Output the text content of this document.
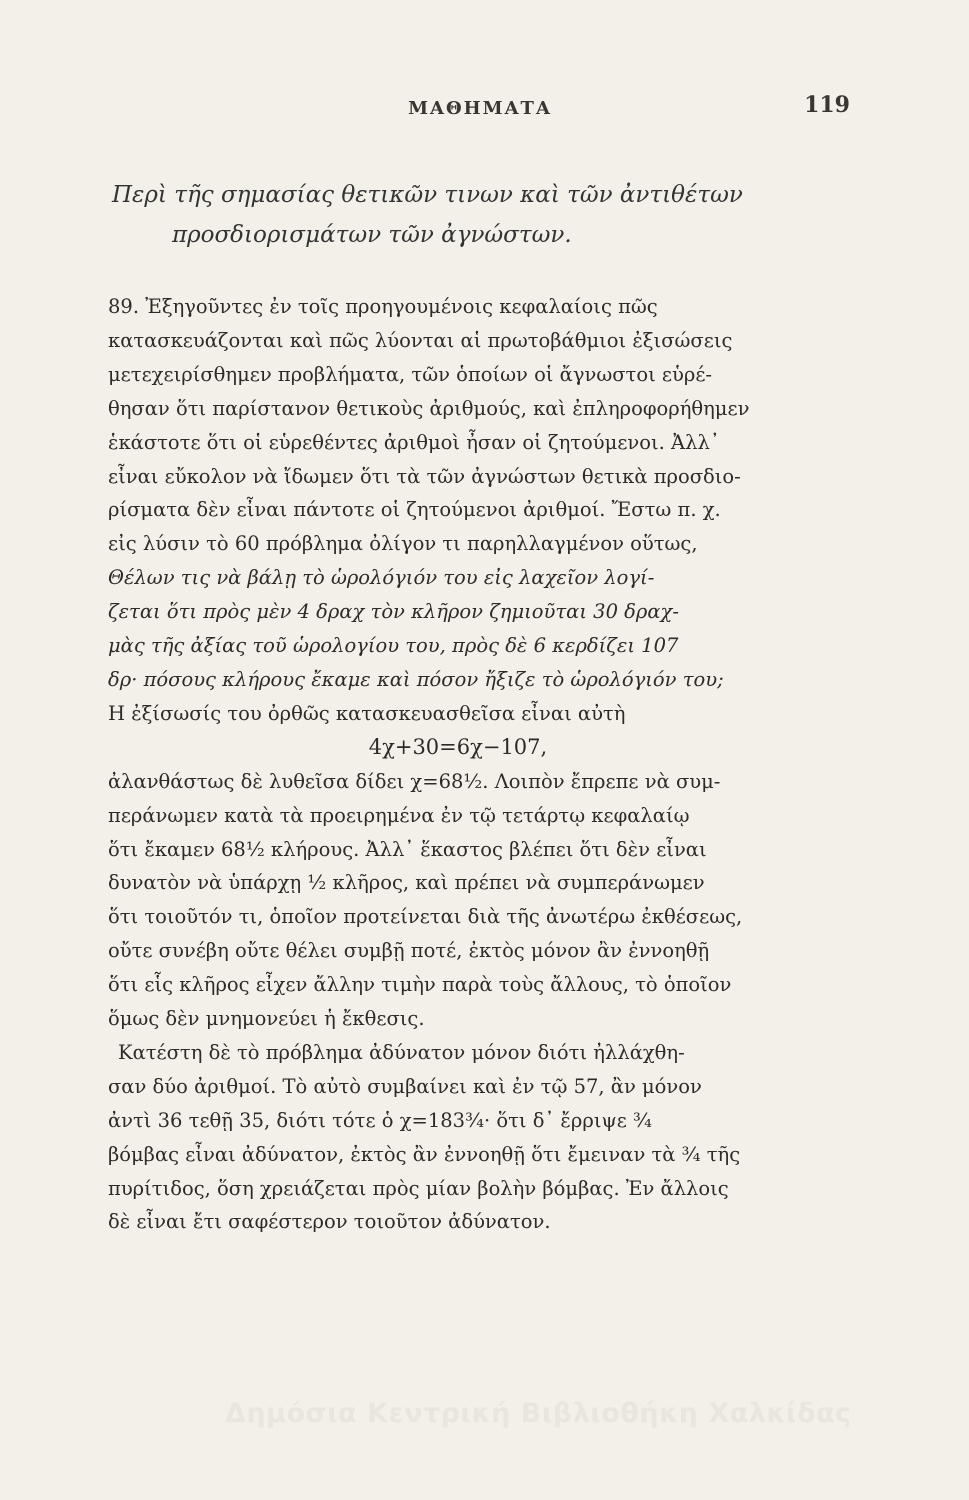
ΜΑΘΗΜΑΤΑ	119
Περὶ τῆς σημασίας θετικῶν τινων καὶ τῶν ἀντιθέτων
προσδιορισμάτων τῶν ἀγνώστων.
89. Ἐξηγοῦντες ἐν τοῖς προηγουμένοις κεφαλαίοις πῶς
κατασκευάζονται καὶ πῶς λύονται αἱ πρωτοβάθμιοι ἐξισώσεις
μετεχειρίσθημεν προβλήματα, τῶν ὁποίων οἱ ἄγνωστοι εὑρέ-
θησαν ὅτι παρίστανον θετικοὺς ἀριθμούς, καὶ ἐπληροφορήθημεν
ἑκάστοτε ὅτι οἱ εὑρεθέντες ἀριθμοὶ ἦσαν οἱ ζητούμενοι. Ἀλλ᾽
εἶναι εὔκολον νὰ ἴδωμεν ὅτι τὰ τῶν ἀγνώστων θετικὰ προσδιο-
ρίσματα δὲν εἶναι πάντοτε οἱ ζητούμενοι ἀριθμοί. Ἔστω π. χ.
εἰς λύσιν τὸ 60 πρόβλημα ὀλίγον τι παρηλλαγμένον οὕτως,
Θέλων τις νὰ βάλῃ τὸ ὡρολόγιόν του εἰς λαχεῖον λογί-
ζεται ὅτι πρὸς μὲν 4 δραχ τὸν κλῆρον ζημιοῦται 30 δραχ-
μὰς τῆς ἀξίας τοῦ ὡρολογίου του, πρὸς δὲ 6 κερδίζει 107
δρ· πόσους κλήρους ἔκαμε καὶ πόσον ἤξιζε τὸ ὡρολόγιόν του;
Η ἐξίσωσίς του ὀρθῶς κατασκευασθεῖσα εἶναι αὐτὴ
4χ+30=6χ−107,
ἀλανθάστως δὲ λυθεῖσα δίδει χ=68½. Λοιπὸν ἔπρεπε νὰ συμ-
περάνωμεν κατὰ τὰ προειρημένα ἐν τῷ τετάρτῳ κεφαλαίῳ
ὅτι ἔκαμεν 68½ κλήρους. Ἀλλ᾽ ἕκαστος βλέπει ὅτι δὲν εἶναι
δυνατὸν νὰ ὑπάρχῃ ½ κλῆρος, καὶ πρέπει νὰ συμπεράνωμεν
ὅτι τοιοῦτόν τι, ὁποῖον προτείνεται διὰ τῆς ἀνωτέρω ἐκθέσεως,
οὔτε συνέβη οὔτε θέλει συμβῇ ποτέ, ἐκτὸς μόνον ἂν ἐννοηθῇ
ὅτι εἷς κλῆρος εἶχεν ἄλλην τιμὴν παρὰ τοὺς ἄλλους, τὸ ὁποῖον
ὅμως δὲν μνημονεύει ἡ ἔκθεσις.
Κατέστη δὲ τὸ πρόβλημα ἀδύνατον μόνον διότι ἠλλάχθη-
σαν δύο ἀριθμοί. Τὸ αὐτὸ συμβαίνει καὶ ἐν τῷ 57, ἂν μόνον
ἀντὶ 36 τεθῇ 35, διότι τότε ὁ χ=183¾· ὅτι δ᾽ ἔρριψε ¾
βόμβας εἶναι ἀδύνατον, ἐκτὸς ἂν ἐννοηθῇ ὅτι ἔμειναν τὰ ¾ τῆς
πυρίτιδος, ὅση χρειάζεται πρὸς μίαν βολὴν βόμβας. Ἐν ἄλλοις
δὲ εἶναι ἔτι σαφέστερον τοιοῦτον ἀδύνατον.
Δημόσια Κεντρική Βιβλιοθήκη Χαλκίδας
